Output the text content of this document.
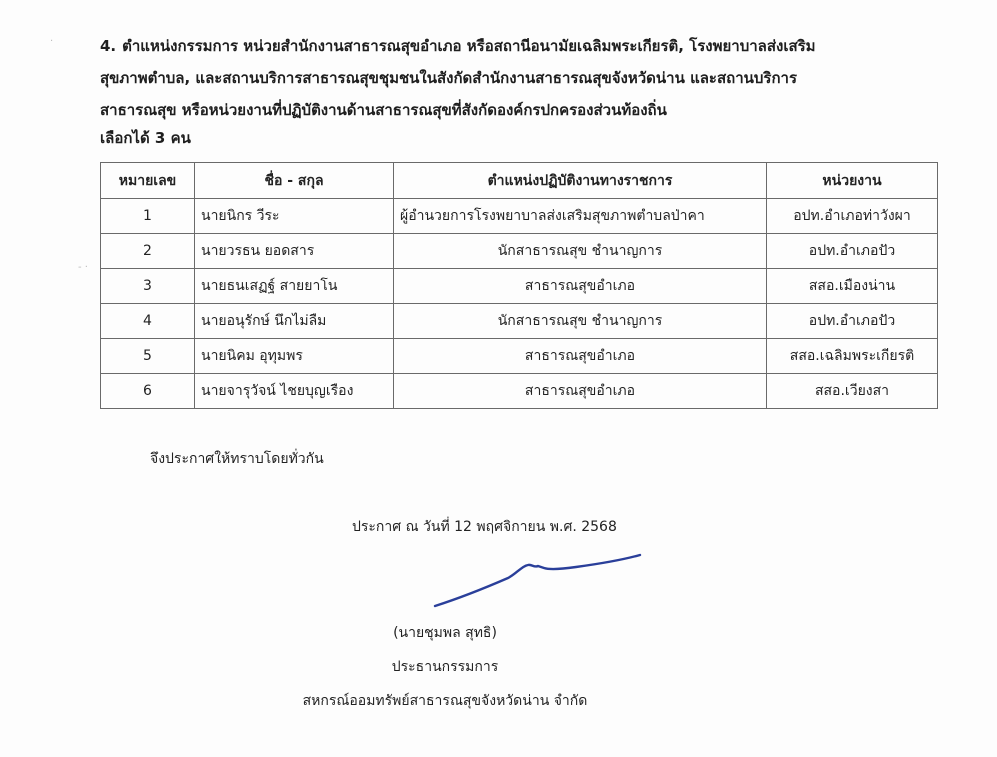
·
- ·

4. ตำแหน่งกรรมการ หน่วยสำนักงานสาธารณสุขอำเภอ หรือสถานีอนามัยเฉลิมพระเกียรติ, โรงพยาบาลส่งเสริม

สุขภาพตำบล, และสถานบริการสาธารณสุขชุมชนในสังกัดสำนักงานสาธารณสุขจังหวัดน่าน และสถานบริการ

สาธารณสุข หรือหน่วยงานที่ปฏิบัติงานด้านสาธารณสุขที่สังกัดองค์กรปกครองส่วนท้องถิ่น

เลือกได้ 3 คน
หมายเลข	ชื่อ - สกุล	ตำแหน่งปฏิบัติงานทางราชการ	หน่วยงาน
1	นายนิกร วีระ	ผู้อำนวยการโรงพยาบาลส่งเสริมสุขภาพตำบลป่าคา	อปท.อำเภอท่าวังผา
2	นายวรธน ยอดสาร	นักสาธารณสุข ชำนาญการ	อปท.อำเภอปัว
3	นายธนเสฏฐ์ สายยาโน	สาธารณสุขอำเภอ	สสอ.เมืองน่าน
4	นายอนุรักษ์ นึกไม่ลืม	นักสาธารณสุข ชำนาญการ	อปท.อำเภอปัว
5	นายนิคม อุทุมพร	สาธารณสุขอำเภอ	สสอ.เฉลิมพระเกียรติ
6	นายจารุวัจน์ ไชยบุญเรือง	สาธารณสุขอำเภอ	สสอ.เวียงสา
จึงประกาศให้ทราบโดยทั่วกัน
ประกาศ ณ วันที่ 12 พฤศจิกายน พ.ศ. 2568
(นายชุมพล สุทธิ)
ประธานกรรมการ
สหกรณ์ออมทรัพย์สาธารณสุขจังหวัดน่าน จำกัด
